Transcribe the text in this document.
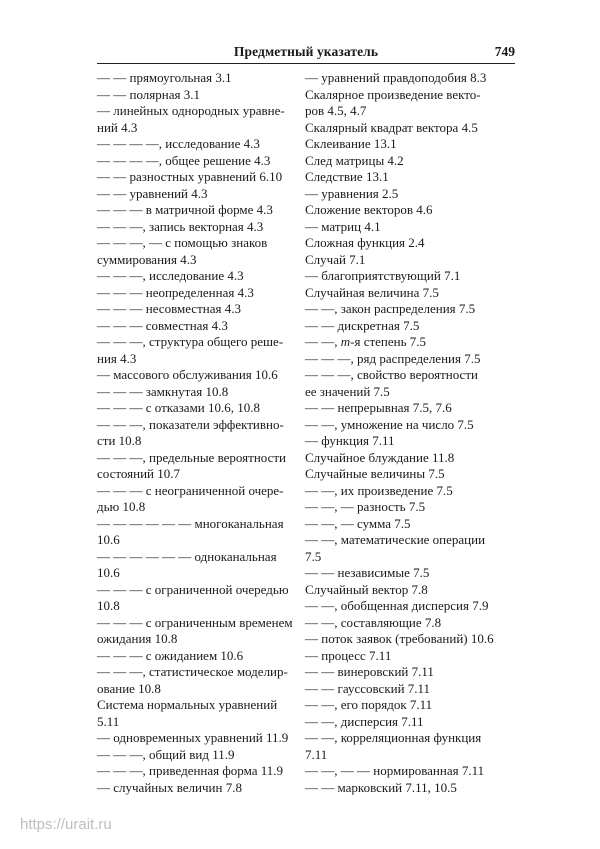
Предметный указатель	749
— — прямоугольная 3.1
— — полярная 3.1
— линейных однородных уравне-
ний 4.3
— — — —, исследование 4.3
— — — —, общее решение 4.3
— — разностных уравнений 6.10
— — уравнений 4.3
— — — в матричной форме 4.3
— — —, запись векторная 4.3
— — —, — с помощью знаков
суммирования 4.3
— — —, исследование 4.3
— — — неопределенная 4.3
— — — несовместная 4.3
— — — совместная 4.3
— — —, структура общего реше-
ния 4.3
— массового обслуживания 10.6
— — — замкнутая 10.8
— — — с отказами 10.6, 10.8
— — —, показатели эффективно-
сти 10.8
— — —, предельные вероятности
состояний 10.7
— — — с неограниченной очере-
дью 10.8
— — — — — — многоканальная
10.6
— — — — — — одноканальная
10.6
— — — с ограниченной очередью
10.8
— — — с ограниченным временем
ожидания 10.8
— — — с ожиданием 10.6
— — —, статистическое моделир-
ование 10.8
Система нормальных уравнений
5.11
— одновременных уравнений 11.9
— — —, общий вид 11.9
— — —, приведенная форма 11.9
— случайных величин 7.8
— уравнений правдоподобия 8.3
Скалярное произведение векто-
ров 4.5, 4.7
Скалярный квадрат вектора 4.5
Склеивание 13.1
След матрицы 4.2
Следствие 13.1
— уравнения 2.5
Сложение векторов 4.6
— матриц 4.1
Сложная функция 2.4
Случай 7.1
— благоприятствующий 7.1
Случайная величина 7.5
— —, закон распределения 7.5
— — дискретная 7.5
— —, m-я степень 7.5
— — —, ряд распределения 7.5
— — —, свойство вероятности
ее значений 7.5
— — непрерывная 7.5, 7.6
— —, умножение на число 7.5
— функция 7.11
Случайное блуждание 11.8
Случайные величины 7.5
— —, их произведение 7.5
— —, — разность 7.5
— —, — сумма 7.5
— —, математические операции
7.5
— — независимые 7.5
Случайный вектор 7.8
— —, обобщенная дисперсия 7.9
— —, составляющие 7.8
— поток заявок (требований) 10.6
— процесс 7.11
— — винеровский 7.11
— — гауссовский 7.11
— —, его порядок 7.11
— —, дисперсия 7.11
— —, корреляционная функция
7.11
— —, — — нормированная 7.11
— — марковский 7.11, 10.5
https://urait.ru
